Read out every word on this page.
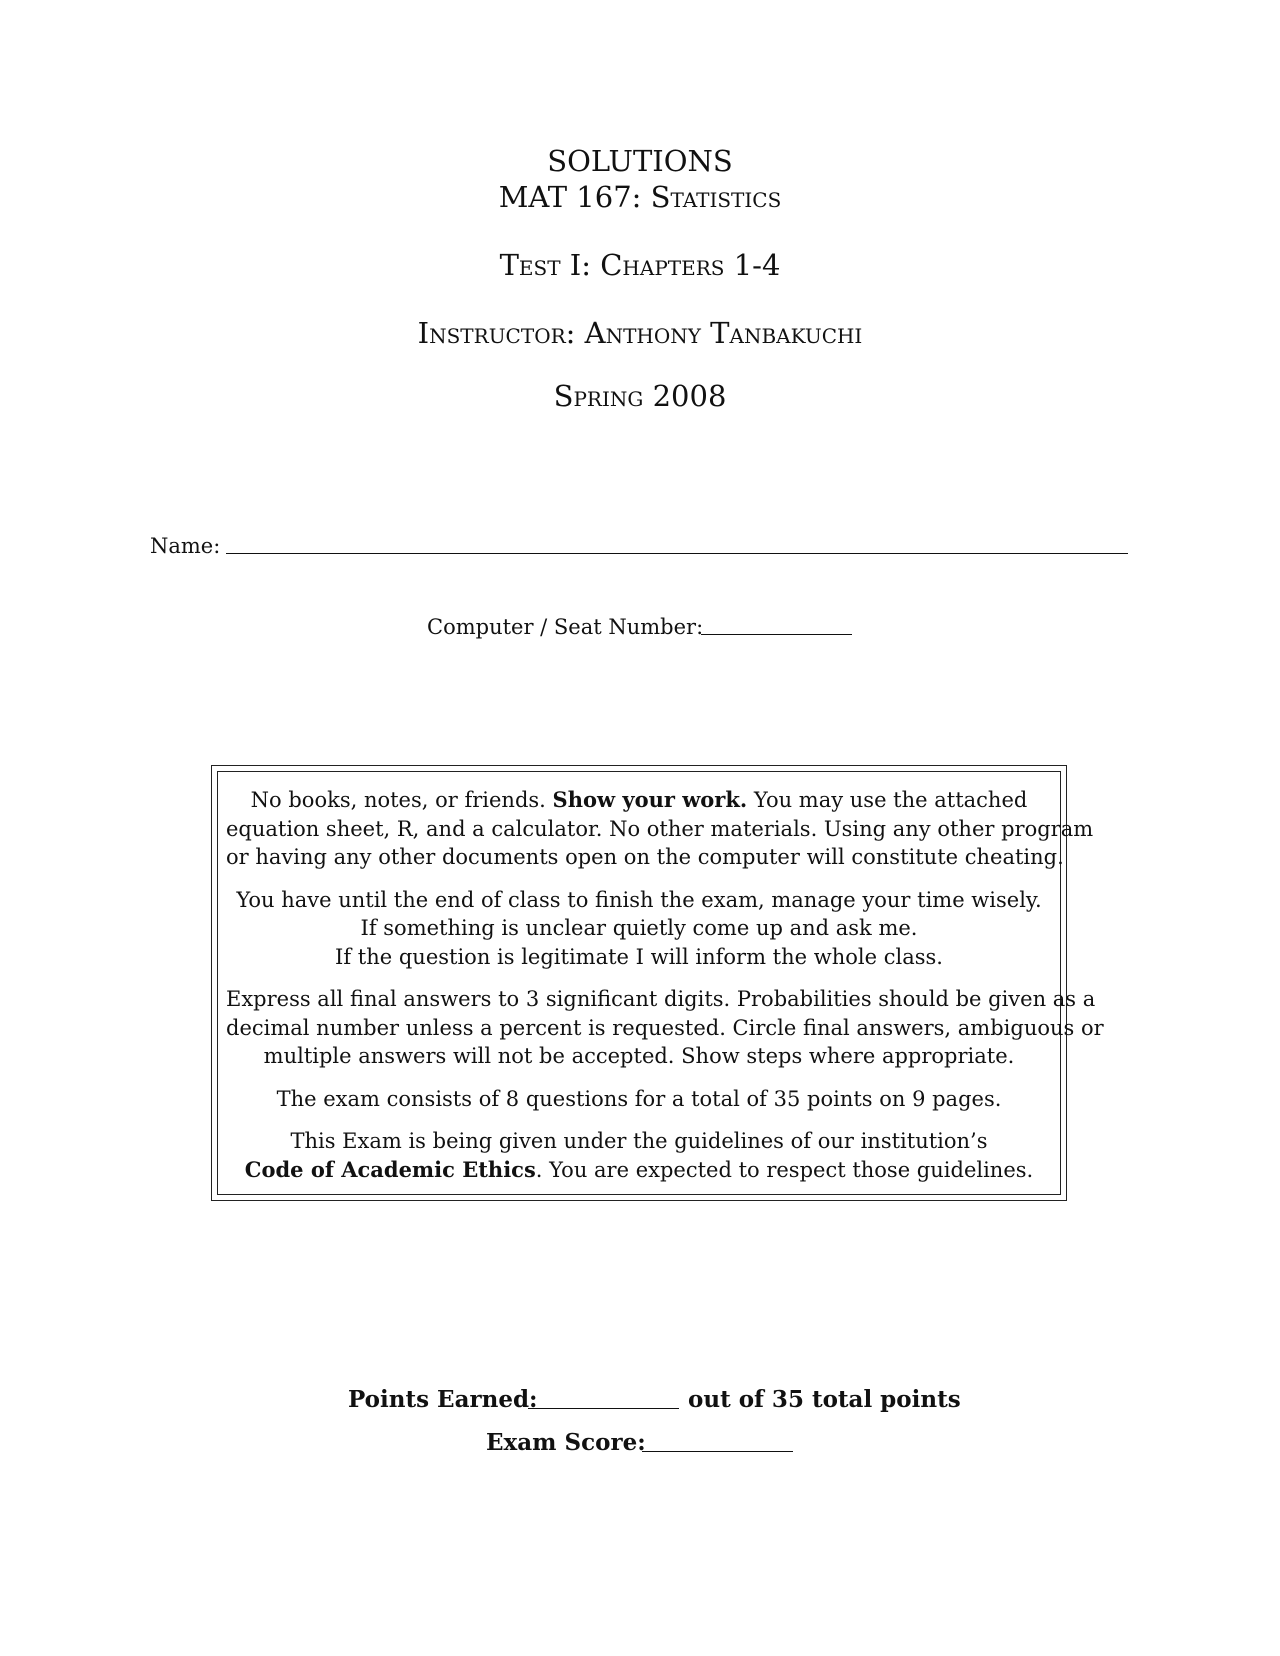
SOLUTIONS
MAT 167: Statistics
Test I: Chapters 1-4
Instructor: Anthony Tanbakuchi
Spring 2008
Name:
Computer / Seat Number:

No books, notes, or friends. Show your work. You may use the attached
equation sheet, R, and a calculator. No other materials. Using any other program
or having any other documents open on the computer will constitute cheating.

You have until the end of class to finish the exam, manage your time wisely.
If something is unclear quietly come up and ask me.
If the question is legitimate I will inform the whole class.

Express all final answers to 3 significant digits. Probabilities should be given as a
decimal number unless a percent is requested. Circle final answers, ambiguous or
multiple answers will not be accepted. Show steps where appropriate.

The exam consists of 8 questions for a total of 35 points on 9 pages.

This Exam is being given under the guidelines of our institution’s
Code of Academic Ethics. You are expected to respect those guidelines.

Points Earned:	out of 35 total points
Exam Score:
